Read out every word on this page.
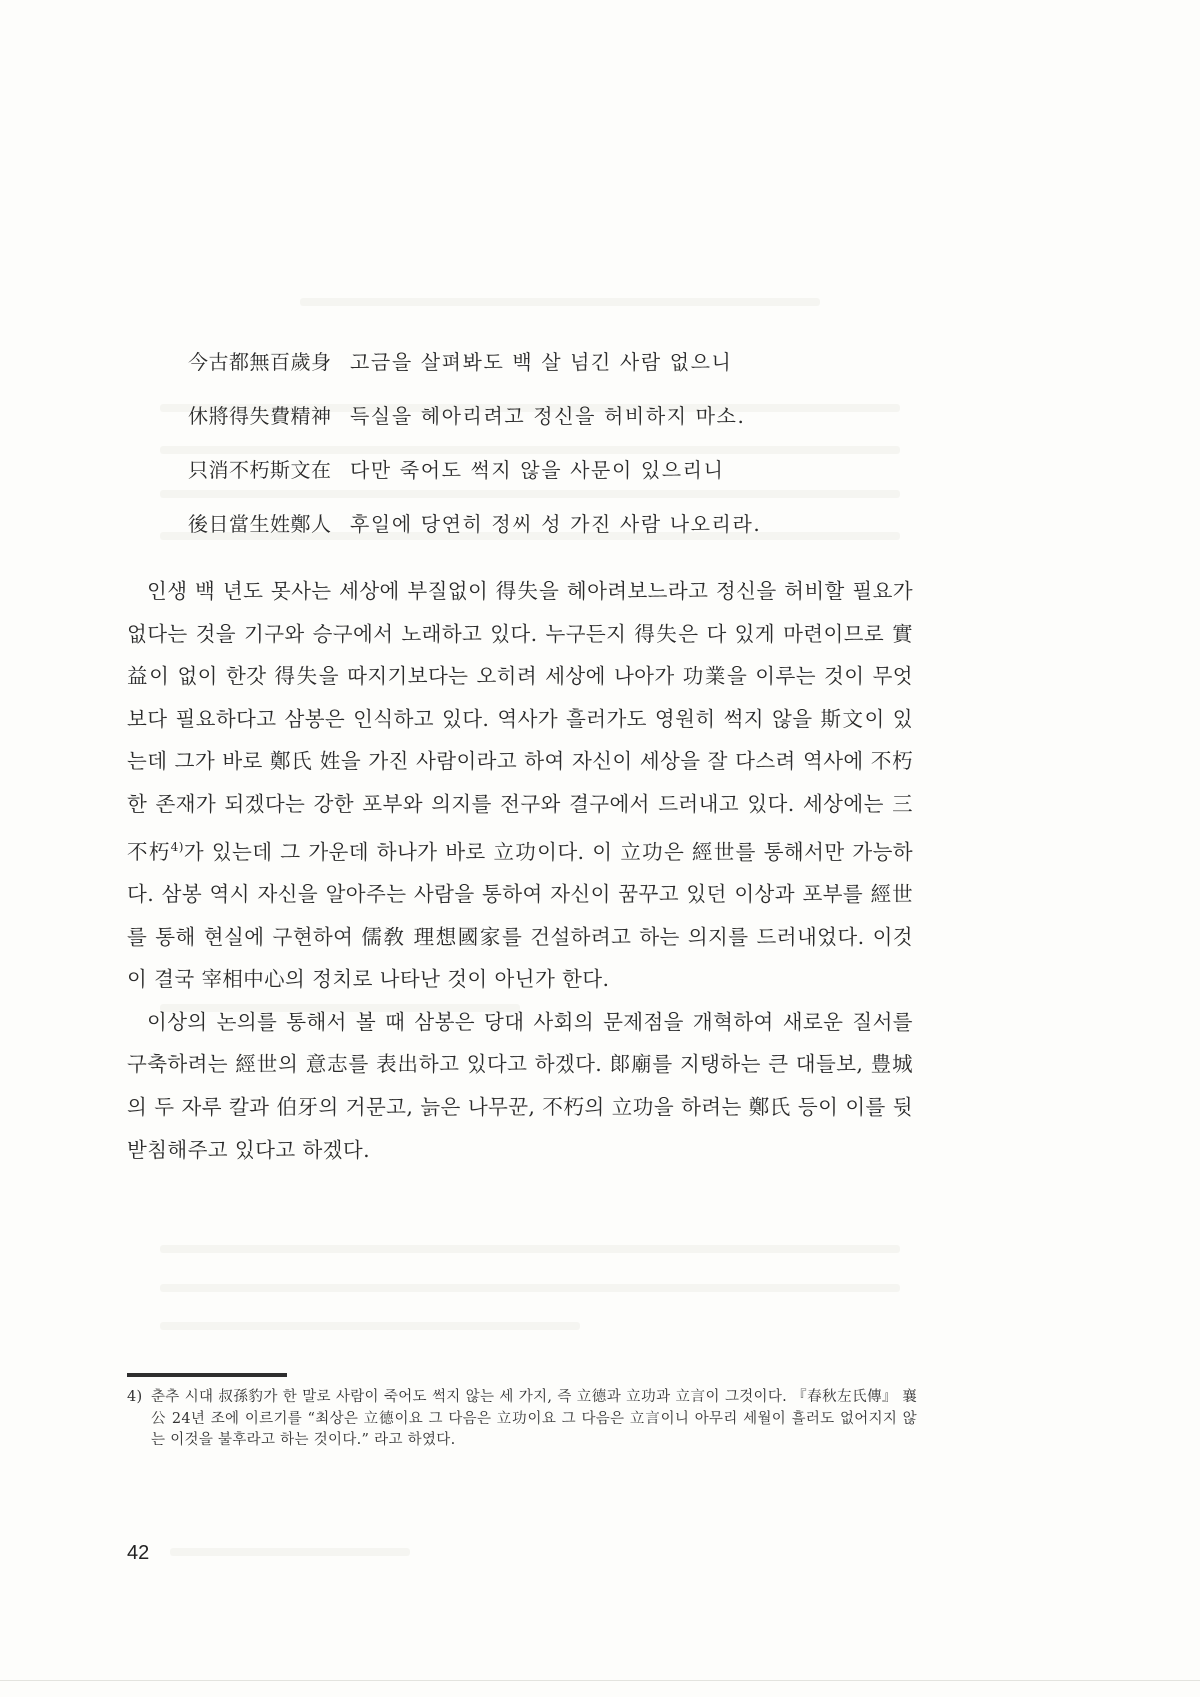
今古都無百歲身 고금을 살펴봐도 백 살 넘긴 사람 없으니
休將得失費精神 득실을 헤아리려고 정신을 허비하지 마소.
只消不朽斯文在 다만 죽어도 썩지 않을 사문이 있으리니
後日當生姓鄭人 후일에 당연히 정씨 성 가진 사람 나오리라.

인생 백 년도 못사는 세상에 부질없이 得失을 헤아려보느라고 정신을 허비할 필요가 없다는 것을 기구와 승구에서 노래하고 있다. 누구든지 得失은 다 있게 마련이므로 實益이 없이 한갓 得失을 따지기보다는 오히려 세상에 나아가 功業을 이루는 것이 무엇보다 필요하다고 삼봉은 인식하고 있다. 역사가 흘러가도 영원히 썩지 않을 斯文이 있는데 그가 바로 鄭氏 姓을 가진 사람이라고 하여 자신이 세상을 잘 다스려 역사에 不朽한 존재가 되겠다는 강한 포부와 의지를 전구와 결구에서 드러내고 있다. 세상에는 三不朽$^{4)}$가 있는데 그 가운데 하나가 바로 立功이다. 이 立功은 經世를 통해서만 가능하다. 삼봉 역시 자신을 알아주는 사람을 통하여 자신이 꿈꾸고 있던 이상과 포부를 經世를 통해 현실에 구현하여 儒敎 理想國家를 건설하려고 하는 의지를 드러내었다. 이것이 결국 宰相中心의 정치로 나타난 것이 아닌가 한다.

이상의 논의를 통해서 볼 때 삼봉은 당대 사회의 문제점을 개혁하여 새로운 질서를 구축하려는 經世의 意志를 表出하고 있다고 하겠다. 郞廟를 지탱하는 큰 대들보, 豊城의 두 자루 칼과 伯牙의 거문고, 늙은 나무꾼, 不朽의 立功을 하려는 鄭氏 등이 이를 뒷받침해주고 있다고 하겠다.

4) 춘추 시대 叔孫豹가 한 말로 사람이 죽어도 썩지 않는 세 가지, 즉 立德과 立功과 立言이 그것이다. 『春秋左氏傳』 襄公 24년 조에 이르기를 “최상은 立德이요 그 다음은 立功이요 그 다음은 立言이니 아무리 세월이 흘러도 없어지지 않는 이것을 불후라고 하는 것이다.” 라고 하였다.
42
